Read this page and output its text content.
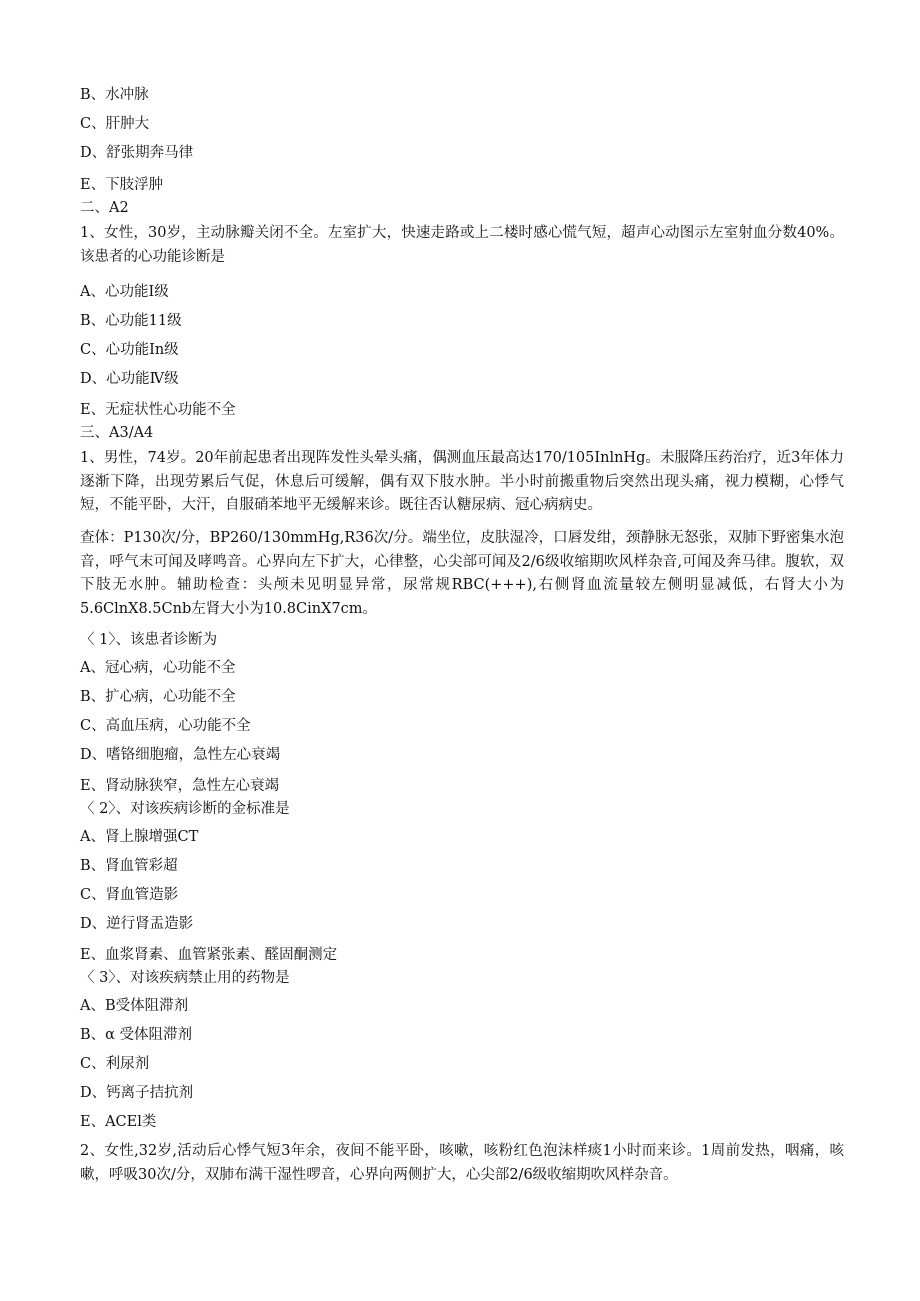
B、水冲脉
C、肝肿大
D、舒张期奔马律
E、下肢浮肿
二、A2
1、女性，30岁，主动脉瓣关闭不全。左室扩大，快速走路或上二楼时感心慌气短，超声心动图示左室射血分数40%。该患者的心功能诊断是
A、心功能Ⅰ级
B、心功能11级
C、心功能In级
D、心功能Ⅳ级
E、无症状性心功能不全
三、A3/A4
1、男性，74岁。20年前起患者出现阵发性头晕头痛，偶测血压最高达170/105InlnHg。未服降压药治疗，近3年体力逐渐下降，出现劳累后气促，休息后可缓解，偶有双下肢水肿。半小时前搬重物后突然出现头痛，视力模糊，心悸气短，不能平卧，大汗，自服硝苯地平无缓解来诊。既往否认糖尿病、冠心病病史。
查体：P130次/分，BP260/130mmHg,R36次/分。端坐位，皮肤湿冷，口唇发绀，颈静脉无怒张，双肺下野密集水泡音，呼气末可闻及哮鸣音。心界向左下扩大，心律整，心尖部可闻及2/6级收缩期吹风样杂音,可闻及奔马律。腹软，双下肢无水肿。辅助检查：头颅未见明显异常，尿常规RBC(+++),右侧肾血流量较左侧明显减低，右肾大小为5.6ClnX8.5Cnb左肾大小为10.8CinX7cm。
〈 1〉、该患者诊断为
A、冠心病，心功能不全
B、扩心病，心功能不全
C、高血压病，心功能不全
D、嗜铬细胞瘤，急性左心衰竭
E、肾动脉狭窄，急性左心衰竭
〈 2〉、对该疾病诊断的金标准是
A、肾上腺增强CT
B、肾血管彩超
C、肾血管造影
D、逆行肾盂造影
E、血浆肾素、血管紧张素、醛固酮测定
〈 3〉、对该疾病禁止用的药物是
A、B受体阻滞剂
B、α 受体阻滞剂
C、利尿剂
D、钙离子拮抗剂
E、ACEl类
2、女性,32岁,活动后心悸气短3年余，夜间不能平卧，咳嗽，咳粉红色泡沫样痰1小时而来诊。1周前发热，咽痛，咳嗽，呼吸30次/分，双肺布满干湿性啰音，心界向两侧扩大，心尖部2/6级收缩期吹风样杂音。
